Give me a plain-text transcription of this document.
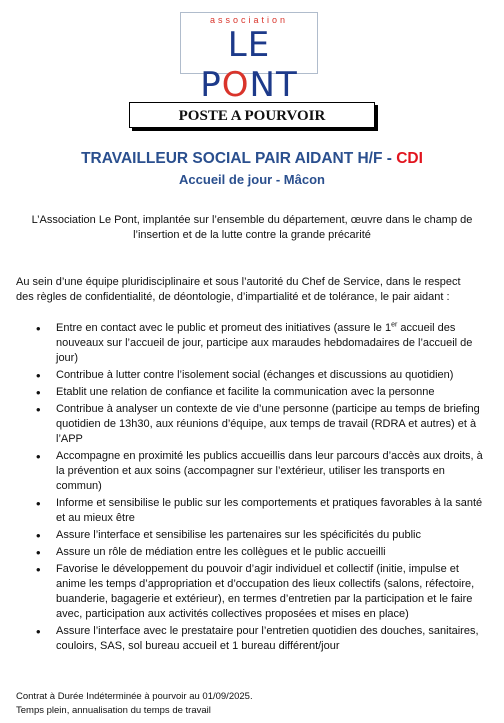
association
LE PONT
POSTE A POURVOIR
TRAVAILLEUR SOCIAL PAIR AIDANT H/F - CDI
Accueil de jour - Mâcon
L’Association Le Pont, implantée sur l’ensemble du département, œuvre dans le champ de l’insertion et de la lutte contre la grande précarité
Au sein d’une équipe pluridisciplinaire et sous l’autorité du Chef de Service, dans le respect des règles de confidentialité, de déontologie, d’impartialité et de tolérance, le pair aidant :
• Entre en contact avec le public et promeut des initiatives (assure le 1er accueil des nouveaux sur l’accueil de jour, participe aux maraudes hebdomadaires de l’accueil de jour)
• Contribue à lutter contre l’isolement social (échanges et discussions au quotidien)
• Etablit une relation de confiance et facilite la communication avec la personne
• Contribue à analyser un contexte de vie d’une personne (participe au temps de briefing quotidien de 13h30, aux réunions d’équipe, aux temps de travail (RDRA et autres) et à l’APP
• Accompagne en proximité les publics accueillis dans leur parcours d’accès aux droits, à la prévention et aux soins (accompagner sur l’extérieur, utiliser les transports en commun)
• Informe et sensibilise le public sur les comportements et pratiques favorables à la santé et au mieux être
• Assure l’interface et sensibilise les partenaires sur les spécificités du public
• Assure un rôle de médiation entre les collègues et le public accueilli
• Favorise le développement du pouvoir d’agir individuel et collectif (initie, impulse et anime les temps d’appropriation et d’occupation des lieux collectifs (salons, réfectoire, buanderie, bagagerie et extérieur), en termes d’entretien par la participation et le faire avec, participation aux activités collectives proposées et mises en place)
• Assure l’interface avec le prestataire pour l’entretien quotidien des douches, sanitaires, couloirs, SAS, sol bureau accueil et 1 bureau différent/jour
Contrat à Durée Indéterminée à pourvoir au 01/09/2025.
Temps plein, annualisation du temps de travail
